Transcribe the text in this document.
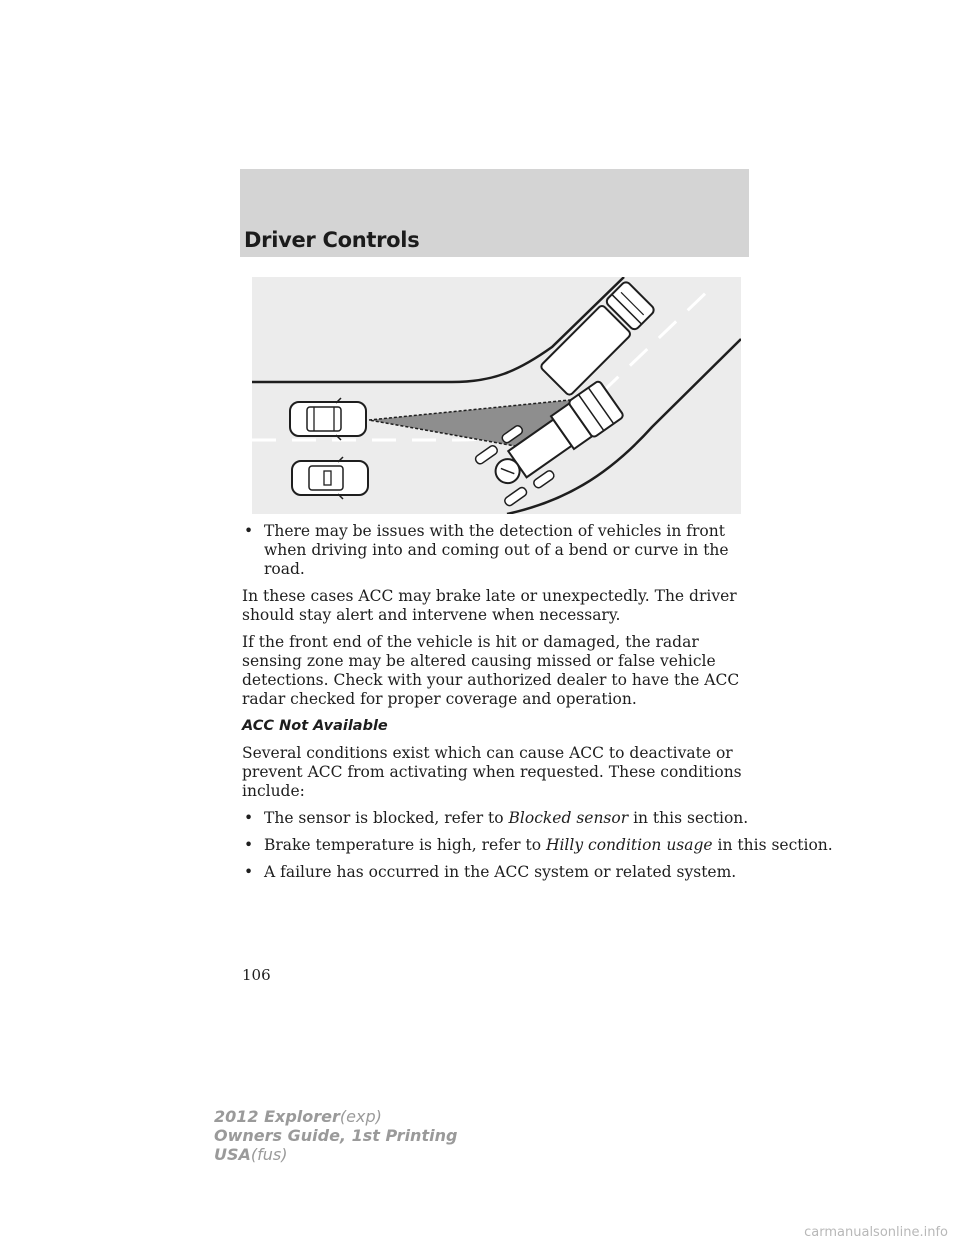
Driver Controls
• There may be issues with the detection of vehicles in front when driving into and coming out of a bend or curve in the road.

In these cases ACC may brake late or unexpectedly. The driver should stay alert and intervene when necessary.

If the front end of the vehicle is hit or damaged, the radar sensing zone may be altered causing missed or false vehicle detections. Check with your authorized dealer to have the ACC radar checked for proper coverage and operation.

ACC Not Available

Several conditions exist which can cause ACC to deactivate or prevent ACC from activating when requested. These conditions include:

• The sensor is blocked, refer to Blocked sensor in this section.
• Brake temperature is high, refer to Hilly condition usage in this section.
• A failure has occurred in the ACC system or related system.
106
2012 Explorer(exp)
Owners Guide, 1st Printing
USA(fus)
carmanualsonline.info
